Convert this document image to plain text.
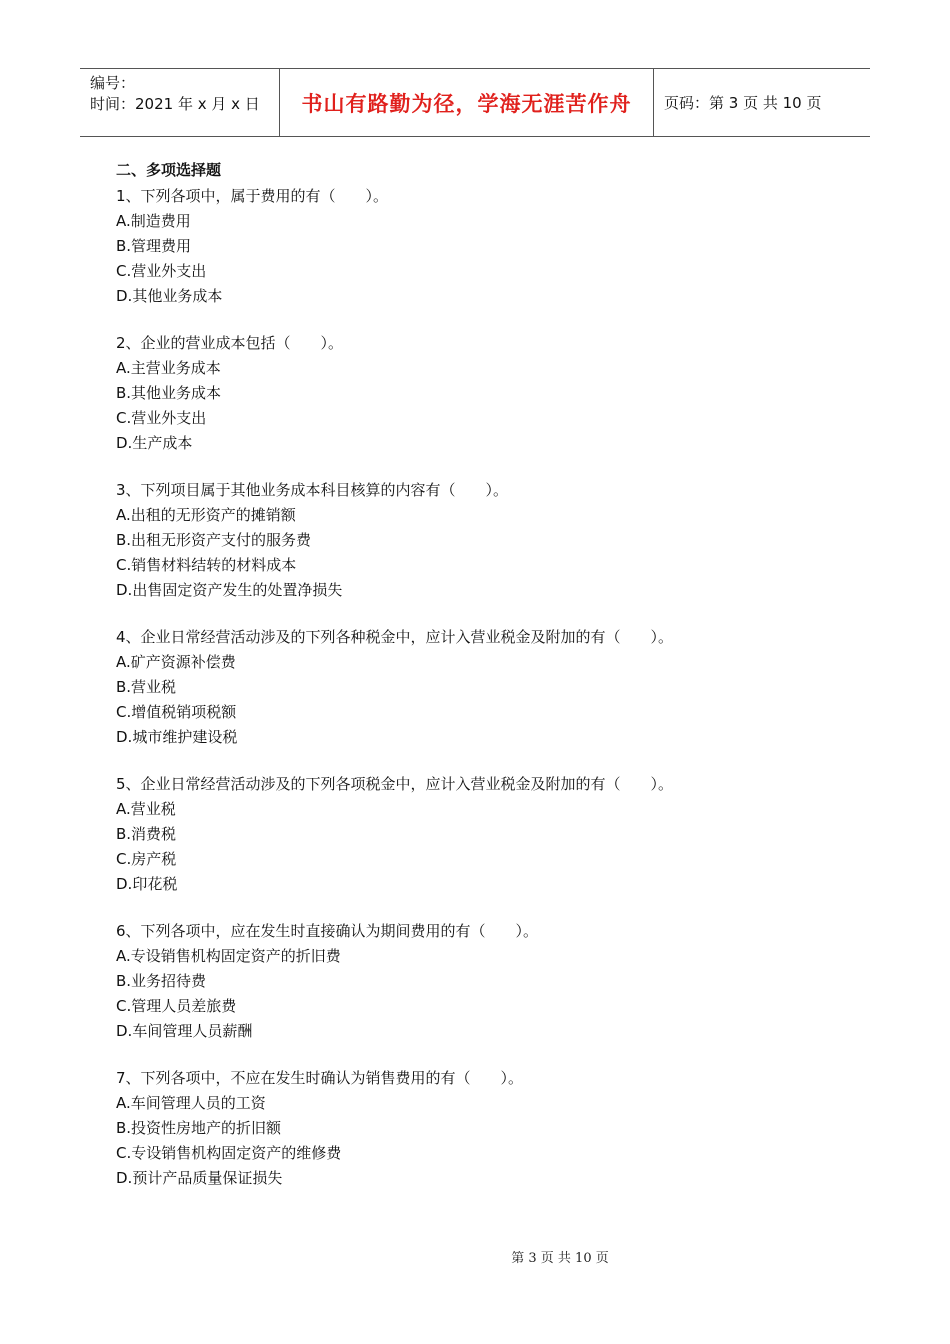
编号：
时间：2021 年 x 月 x 日	书山有路勤为径，学海无涯苦作舟	页码：第 3 页 共 10 页
二、多项选择题
1、下列各项中，属于费用的有（　　）。
A.制造费用
B.管理费用
C.营业外支出
D.其他业务成本
2、企业的营业成本包括（　　）。
A.主营业务成本
B.其他业务成本
C.营业外支出
D.生产成本
3、下列项目属于其他业务成本科目核算的内容有（　　）。
A.出租的无形资产的摊销额
B.出租无形资产支付的服务费
C.销售材料结转的材料成本
D.出售固定资产发生的处置净损失
4、企业日常经营活动涉及的下列各种税金中，应计入营业税金及附加的有（　　）。
A.矿产资源补偿费
B.营业税
C.增值税销项税额
D.城市维护建设税
5、企业日常经营活动涉及的下列各项税金中，应计入营业税金及附加的有（　　）。
A.营业税
B.消费税
C.房产税
D.印花税
6、下列各项中，应在发生时直接确认为期间费用的有（　　）。
A.专设销售机构固定资产的折旧费
B.业务招待费
C.管理人员差旅费
D.车间管理人员薪酬
7、下列各项中，不应在发生时确认为销售费用的有（　　）。
A.车间管理人员的工资
B.投资性房地产的折旧额
C.专设销售机构固定资产的维修费
D.预计产品质量保证损失
第 3 页 共 10 页
